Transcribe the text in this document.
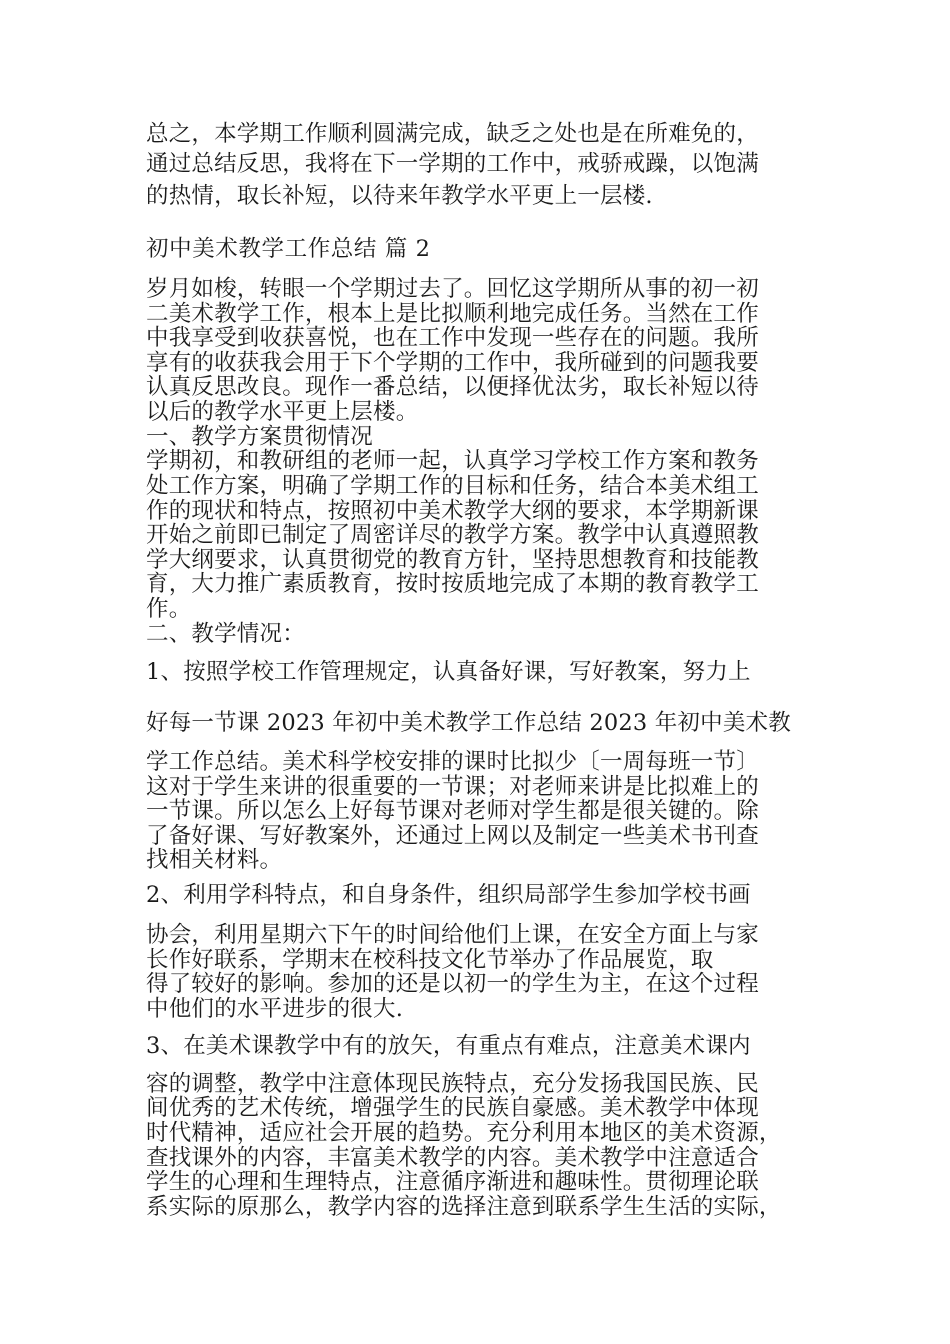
总之，本学期工作顺利圆满完成，缺乏之处也是在所难免的，
通过总结反思，我将在下一学期的工作中，戒骄戒躁，以饱满
的热情，取长补短，以待来年教学水平更上一层楼.
初中美术教学工作总结 篇 2
岁月如梭，转眼一个学期过去了。回忆这学期所从事的初一初
二美术教学工作，根本上是比拟顺利地完成任务。当然在工作
中我享受到收获喜悦，也在工作中发现一些存在的问题。我所
享有的收获我会用于下个学期的工作中，我所碰到的问题我要
认真反思改良。现作一番总结，以便择优汰劣，取长补短以待
以后的教学水平更上层楼。
一、教学方案贯彻情况
学期初，和教研组的老师一起，认真学习学校工作方案和教务
处工作方案，明确了学期工作的目标和任务，结合本美术组工
作的现状和特点，按照初中美术教学大纲的要求，本学期新课
开始之前即已制定了周密详尽的教学方案。教学中认真遵照教
学大纲要求，认真贯彻党的教育方针，坚持思想教育和技能教
育，大力推广素质教育，按时按质地完成了本期的教育教学工
作。
二、教学情况：
1、按照学校工作管理规定，认真备好课，写好教案，努力上
好每一节课 2023 年初中美术教学工作总结 2023 年初中美术教
学工作总结。美术科学校安排的课时比拟少〔一周每班一节〕
这对于学生来讲的很重要的一节课；对老师来讲是比拟难上的
一节课。所以怎么上好每节课对老师对学生都是很关键的。除
了备好课、写好教案外，还通过上网以及制定一些美术书刊查
找相关材料。
2、利用学科特点，和自身条件，组织局部学生参加学校书画
协会，利用星期六下午的时间给他们上课，在安全方面上与家
长作好联系，学期末在校科技文化节举办了作品展览，取
得了较好的影响。参加的还是以初一的学生为主，在这个过程
中他们的水平进步的很大.
3、在美术课教学中有的放矢，有重点有难点，注意美术课内
容的调整，教学中注意体现民族特点，充分发扬我国民族、民
间优秀的艺术传统，增强学生的民族自豪感。美术教学中体现
时代精神，适应社会开展的趋势。充分利用本地区的美术资源，
查找课外的内容，丰富美术教学的内容。美术教学中注意适合
学生的心理和生理特点，注意循序渐进和趣味性。贯彻理论联
系实际的原那么，教学内容的选择注意到联系学生生活的实际，
